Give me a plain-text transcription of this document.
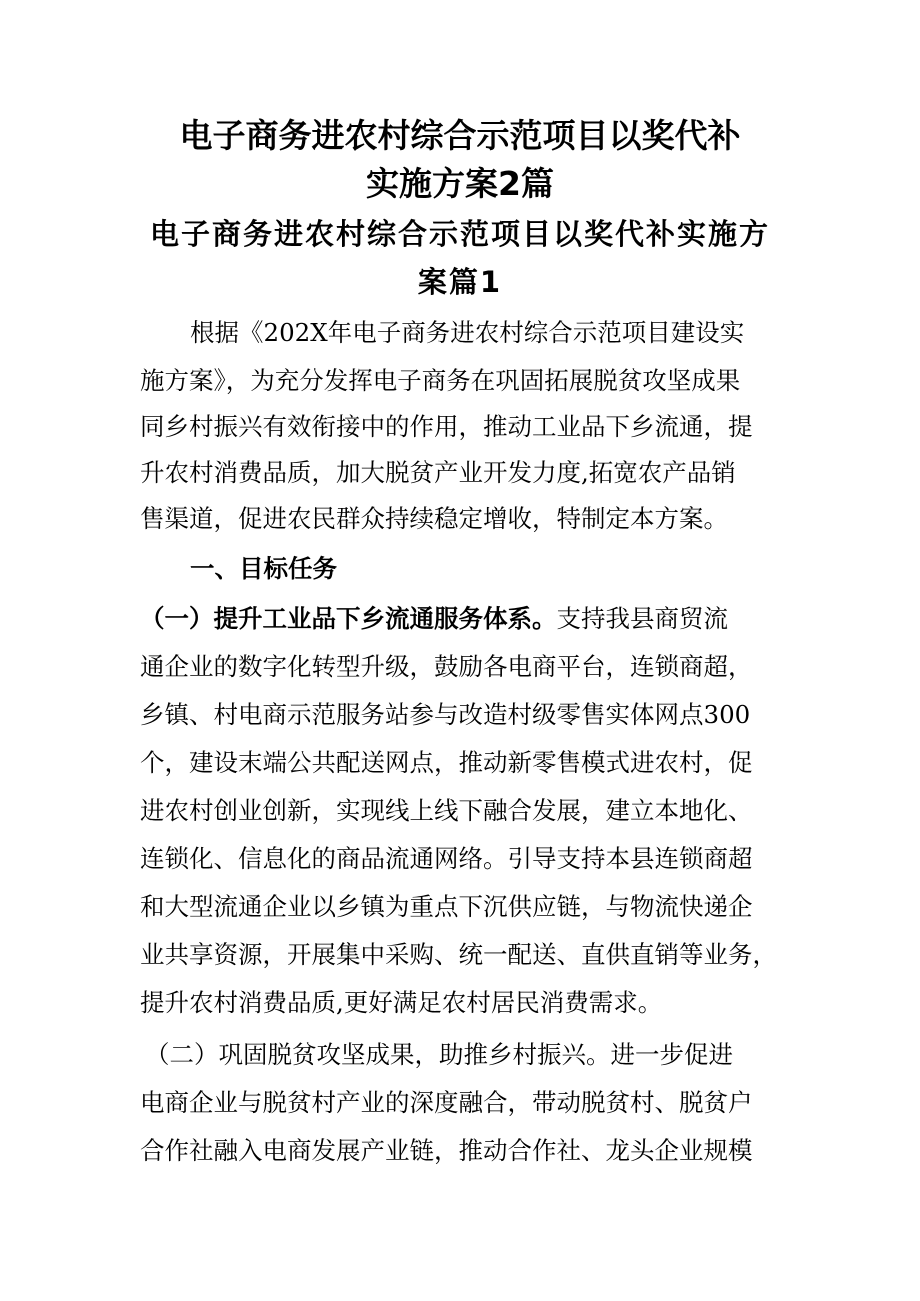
电子商务进农村综合示范项目以奖代补
实施方案2篇
电子商务进农村综合示范项目以奖代补实施方
案篇1

根据《202X年电子商务进农村综合示范项目建设实

施方案》，为充分发挥电子商务在巩固拓展脱贫攻坚成果

同乡村振兴有效衔接中的作用，推动工业品下乡流通，提

升农村消费品质，加大脱贫产业开发力度,拓宽农产品销

售渠道，促进农民群众持续稳定增收，特制定本方案。

一、目标任务

（一）提升工业品下乡流通服务体系。支持我县商贸流

通企业的数字化转型升级，鼓励各电商平台，连锁商超，

乡镇、村电商示范服务站参与改造村级零售实体网点300

个，建设末端公共配送网点，推动新零售模式进农村，促

进农村创业创新，实现线上线下融合发展，建立本地化、

连锁化、信息化的商品流通网络。引导支持本县连锁商超

和大型流通企业以乡镇为重点下沉供应链，与物流快递企

业共享资源，开展集中采购、统一配送、直供直销等业务，

提升农村消费品质,更好满足农村居民消费需求。

（二）巩固脱贫攻坚成果，助推乡村振兴。进一步促进

电商企业与脱贫村产业的深度融合，带动脱贫村、脱贫户

合作社融入电商发展产业链，推动合作社、龙头企业规模
